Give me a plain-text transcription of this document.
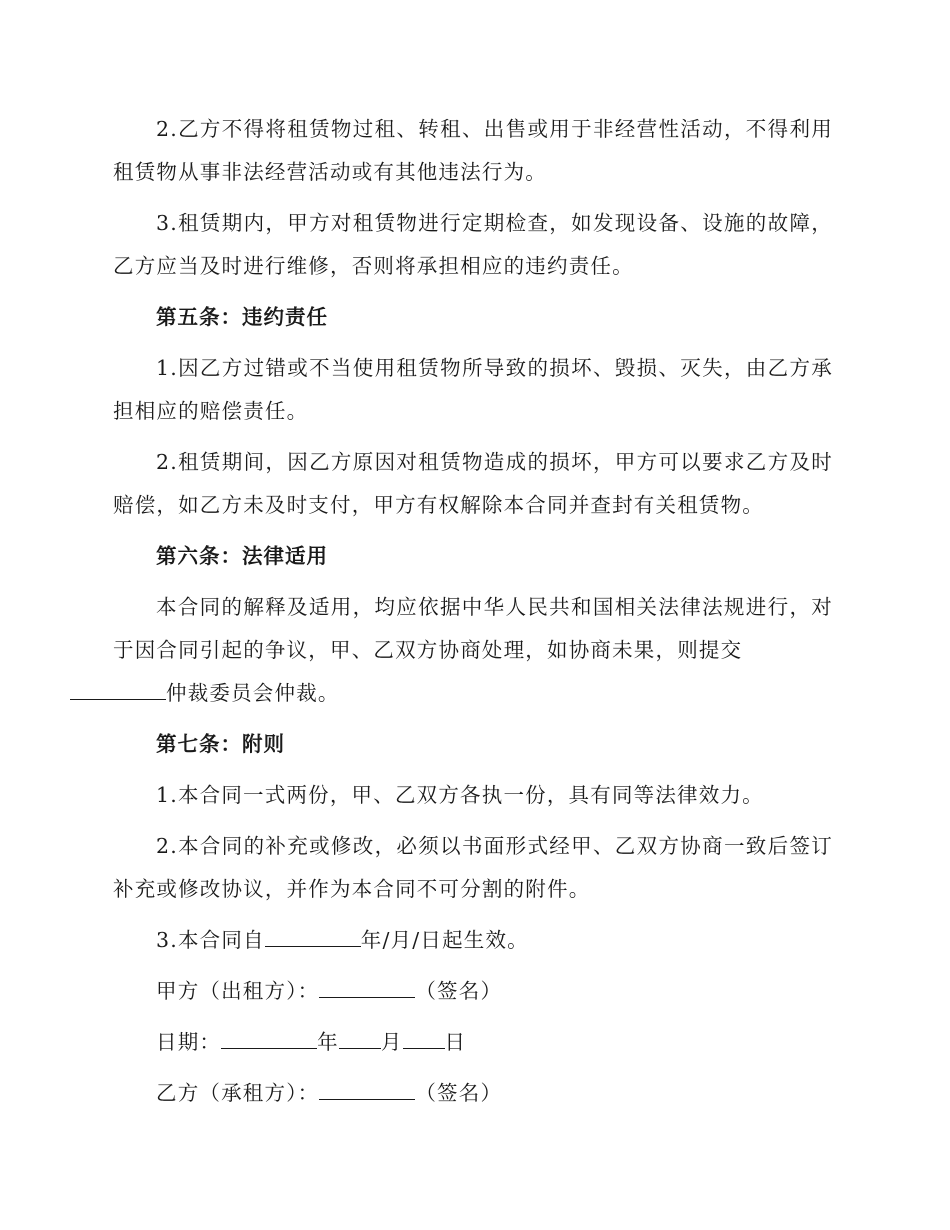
2.乙方不得将租赁物过租、转租、出售或用于非经营性活动，不得利用租赁物从事非法经营活动或有其他违法行为。

3.租赁期内，甲方对租赁物进行定期检查，如发现设备、设施的故障，乙方应当及时进行维修，否则将承担相应的违约责任。

第五条：违约责任

1.因乙方过错或不当使用租赁物所导致的损坏、毁损、灭失，由乙方承担相应的赔偿责任。

2.租赁期间，因乙方原因对租赁物造成的损坏，甲方可以要求乙方及时赔偿，如乙方未及时支付，甲方有权解除本合同并查封有关租赁物。

第六条：法律适用

本合同的解释及适用，均应依据中华人民共和国相关法律法规进行，对于因合同引起的争议，甲、乙双方协商处理，如协商未果，则提交
仲裁委员会仲裁。

第七条：附则

1.本合同一式两份，甲、乙双方各执一份，具有同等法律效力。

2.本合同的补充或修改，必须以书面形式经甲、乙双方协商一致后签订补充或修改协议，并作为本合同不可分割的附件。

3.本合同自	年/月/日起生效。

甲方（出租方）：	（签名）

日期：	年 月 日

乙方（承租方）：	（签名）
